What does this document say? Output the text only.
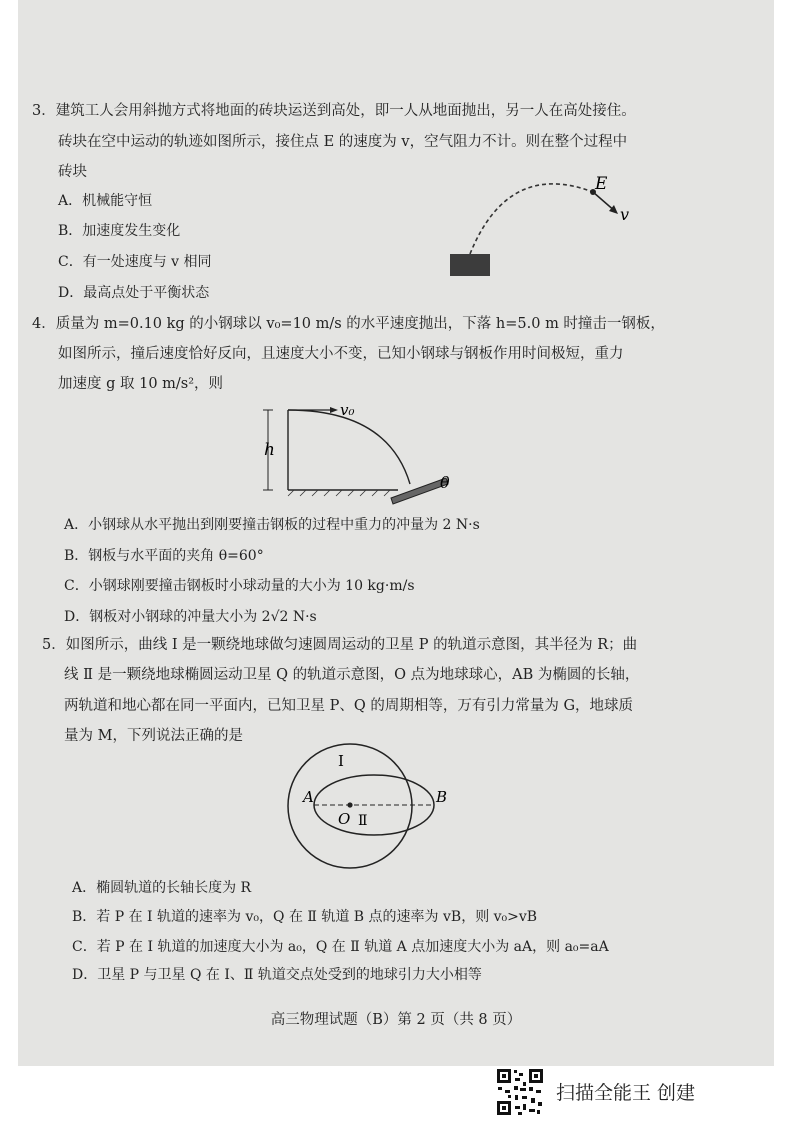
3．建筑工人会用斜抛方式将地面的砖块运送到高处，即一人从地面抛出，另一人在高处接住。
砖块在空中运动的轨迹如图所示，接住点 E 的速度为 v，空气阻力不计。则在整个过程中
砖块
A．机械能守恒
B．加速度发生变化
C．有一处速度与 v 相同
D．最高点处于平衡状态
E
v
4．质量为 m=0.10 kg 的小钢球以 v₀=10 m/s 的水平速度抛出，下落 h=5.0 m 时撞击一钢板，
如图所示，撞后速度恰好反向，且速度大小不变，已知小钢球与钢板作用时间极短，重力
加速度 g 取 10 m/s²，则
h
v₀
θ
A．小钢球从水平抛出到刚要撞击钢板的过程中重力的冲量为 2 N·s
B．钢板与水平面的夹角 θ=60°
C．小钢球刚要撞击钢板时小球动量的大小为 10 kg·m/s
D．钢板对小钢球的冲量大小为 2√2 N·s
5．如图所示，曲线 Ⅰ 是一颗绕地球做匀速圆周运动的卫星 P 的轨道示意图，其半径为 R；曲
线 Ⅱ 是一颗绕地球椭圆运动卫星 Q 的轨道示意图，O 点为地球球心，AB 为椭圆的长轴，
两轨道和地心都在同一平面内，已知卫星 P、Q 的周期相等，万有引力常量为 G，地球质
量为 M，下列说法正确的是
Ⅰ
Ⅱ
A	B
O
A．椭圆轨道的长轴长度为 R
B．若 P 在 Ⅰ 轨道的速率为 v₀，Q 在 Ⅱ 轨道 B 点的速率为 vB，则 v₀>vB
C．若 P 在 Ⅰ 轨道的加速度大小为 a₀，Q 在 Ⅱ 轨道 A 点加速度大小为 aA，则 a₀=aA
D．卫星 P 与卫星 Q 在 Ⅰ、Ⅱ 轨道交点处受到的地球引力大小相等
高三物理试题（B）第 2 页（共 8 页）
扫描全能王 创建
